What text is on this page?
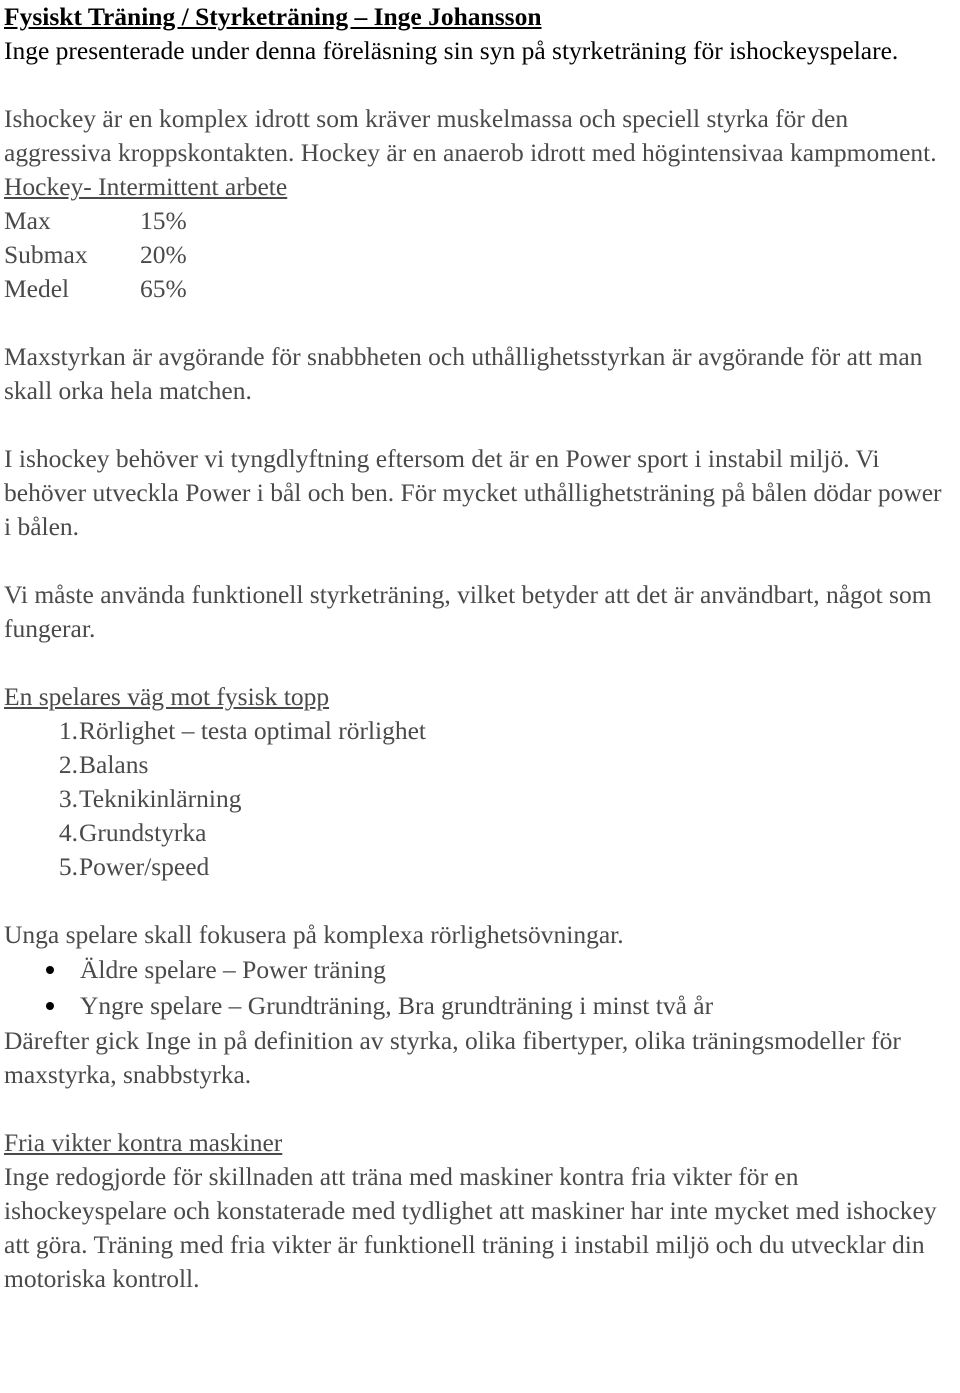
Fysiskt Träning / Styrketräning – Inge Johansson

Inge presenterade under denna föreläsning sin syn på styrketräning för ishockeyspelare.

Ishockey är en komplex idrott som kräver muskelmassa och speciell styrka för den aggressiva kroppskontakten. Hockey är en anaerob idrott med högintensivaa kampmoment.

Hockey- Intermittent arbete

Max	15%
Submax	20%
Medel	65%

Maxstyrkan är avgörande för snabbheten och uthållighetsstyrkan är avgörande för att man skall orka hela matchen.

I ishockey behöver vi tyngdlyftning eftersom det är en Power sport i instabil miljö. Vi behöver utveckla Power i bål och ben. För mycket uthållighetsträning på bålen dödar power i bålen.

Vi måste använda funktionell styrketräning, vilket betyder att det är användbart, något som fungerar.

En spelares väg mot fysisk topp

1. Rörlighet – testa optimal rörlighet
2. Balans
3. Teknikinlärning
4. Grundstyrka
5. Power/speed

Unga spelare skall fokusera på komplexa rörlighetsövningar.

Äldre spelare – Power träning
Yngre spelare – Grundträning, Bra grundträning i minst två år

Därefter gick Inge in på definition av styrka, olika fibertyper, olika träningsmodeller för maxstyrka, snabbstyrka.

Fria vikter kontra maskiner

Inge redogjorde för skillnaden att träna med maskiner kontra fria vikter för en ishockeyspelare och konstaterade med tydlighet att maskiner har inte mycket med ishockey att göra. Träning med fria vikter är funktionell träning i instabil miljö och du utvecklar din motoriska kontroll.
